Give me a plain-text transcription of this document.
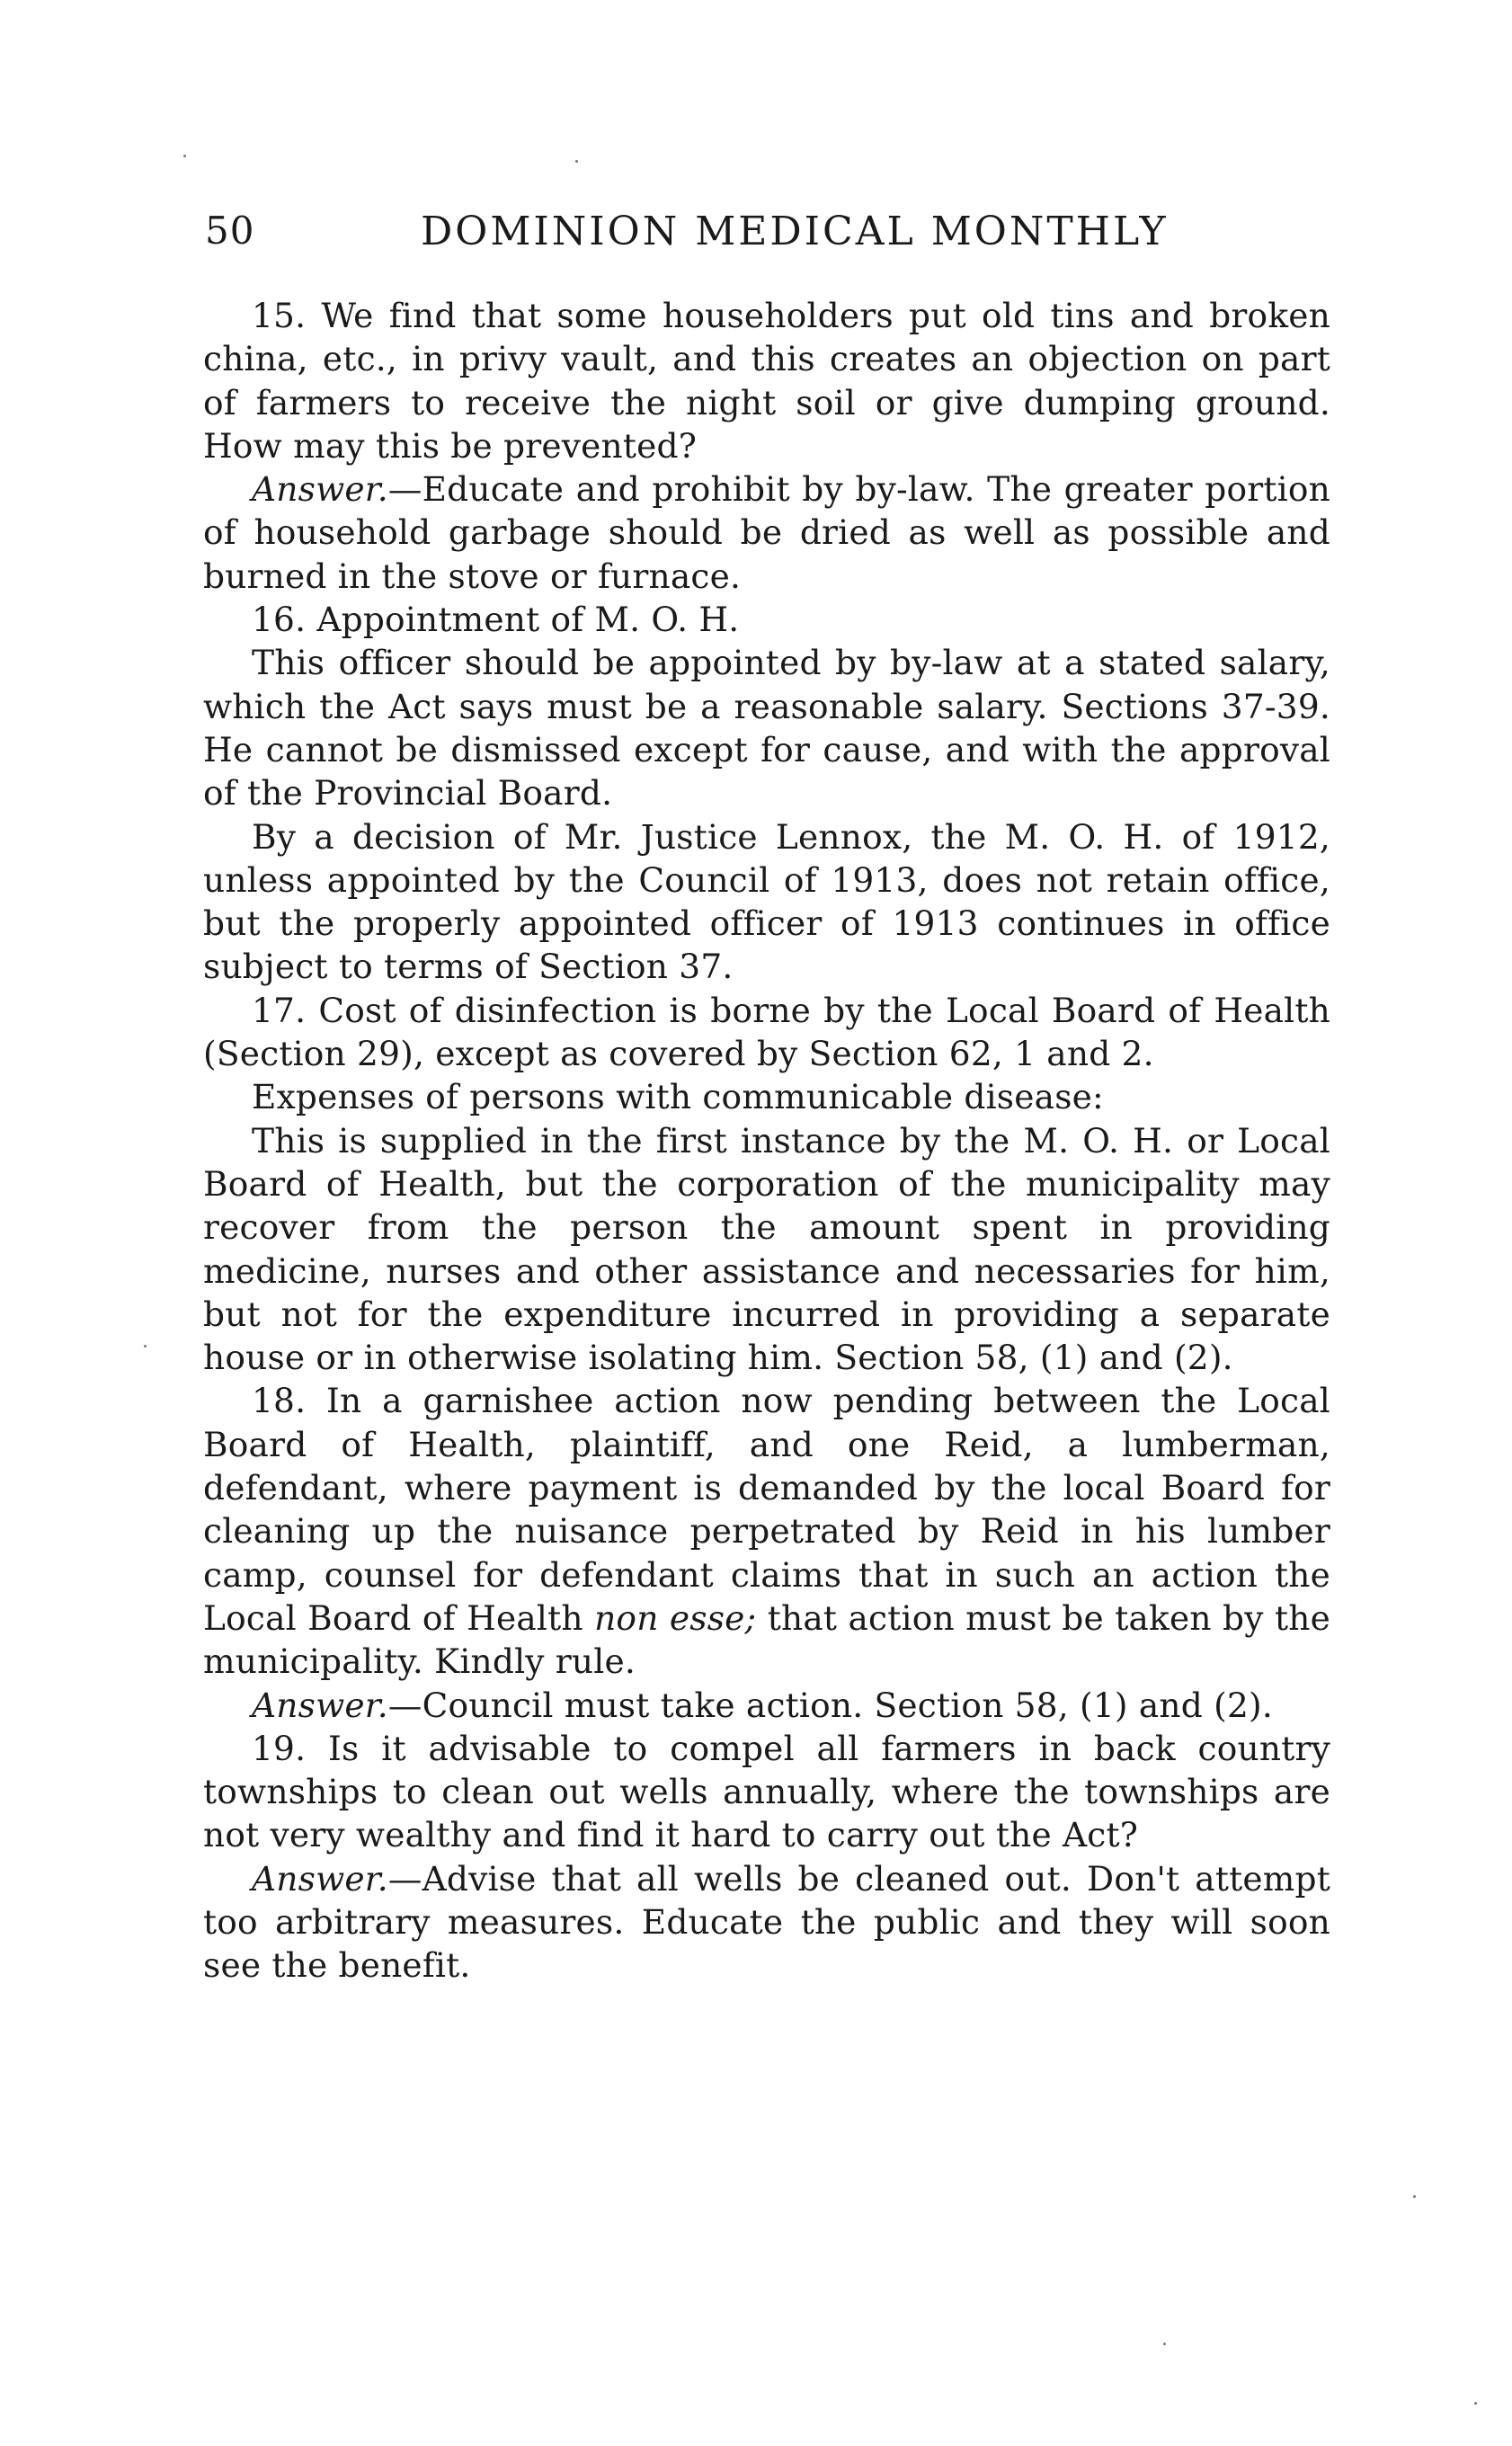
50	DOMINION MEDICAL MONTHLY

15. We find that some householders put old tins and broken china, etc., in privy vault, and this creates an objection on part of farmers to receive the night soil or give dumping ground. How may this be prevented?

Answer.—Educate and prohibit by by-law. The greater portion of household garbage should be dried as well as possible and burned in the stove or furnace.

16. Appointment of M. O. H.

This officer should be appointed by by-law at a stated salary, which the Act says must be a reasonable salary. Sections 37-39. He cannot be dismissed except for cause, and with the approval of the Provincial Board.

By a decision of Mr. Justice Lennox, the M. O. H. of 1912, unless appointed by the Council of 1913, does not retain office, but the properly appointed officer of 1913 continues in office subject to terms of Section 37.

17. Cost of disinfection is borne by the Local Board of Health (Section 29), except as covered by Section 62, 1 and 2.

Expenses of persons with communicable disease:

This is supplied in the first instance by the M. O. H. or Local Board of Health, but the corporation of the municipality may recover from the person the amount spent in providing medicine, nurses and other assistance and necessaries for him, but not for the expenditure incurred in providing a separate house or in otherwise isolating him. Section 58, (1) and (2).

18. In a garnishee action now pending between the Local Board of Health, plaintiff, and one Reid, a lumberman, defendant, where payment is demanded by the local Board for cleaning up the nuisance perpetrated by Reid in his lumber camp, counsel for defendant claims that in such an action the Local Board of Health non esse; that action must be taken by the municipality. Kindly rule.

Answer.—Council must take action. Section 58, (1) and (2).

19. Is it advisable to compel all farmers in back country townships to clean out wells annually, where the townships are not very wealthy and find it hard to carry out the Act?

Answer.—Advise that all wells be cleaned out. Don't attempt too arbitrary measures. Educate the public and they will soon see the benefit.
